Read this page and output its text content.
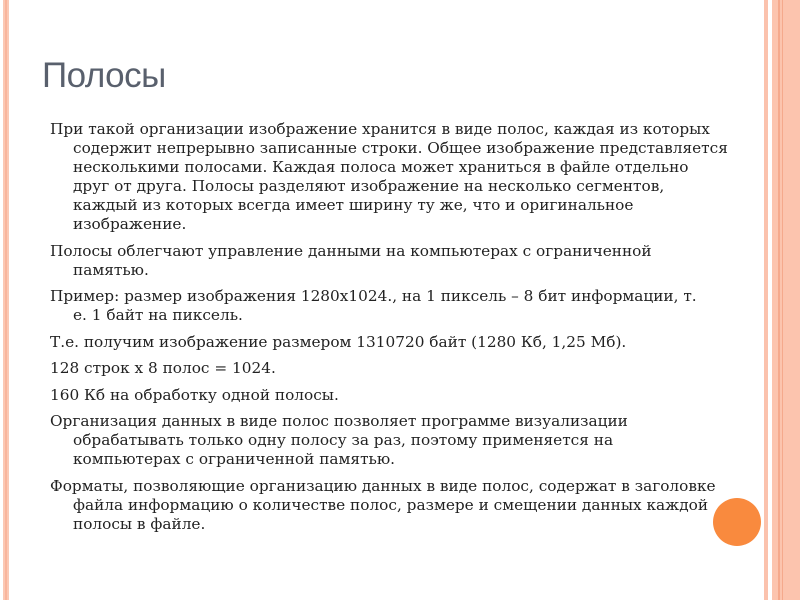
Полосы
При такой организации изображение хранится в виде полос, каждая из которых
содержит непрерывно записанные строки. Общее изображение представляется
несколькими полосами. Каждая полоса может храниться в файле отдельно
друг от друга. Полосы разделяют изображение на несколько сегментов,
каждый из которых всегда имеет ширину ту же, что и оригинальное
изображение.
Полосы облегчают управление данными на компьютерах с ограниченной
памятью.
Пример: размер изображения 1280x1024., на 1 пиксель – 8 бит информации, т.
е. 1 байт на пиксель.
Т.е. получим изображение размером 1310720 байт (1280 Кб, 1,25 Мб).
128 строк х 8 полос = 1024.
160 Кб на обработку одной полосы.
Организация данных в виде полос позволяет программе визуализации
обрабатывать только одну полосу за раз, поэтому применяется на
компьютерах с ограниченной памятью.
Форматы, позволяющие организацию данных в виде полос, содержат в заголовке
файла информацию о количестве полос, размере и смещении данных каждой
полосы в файле.
